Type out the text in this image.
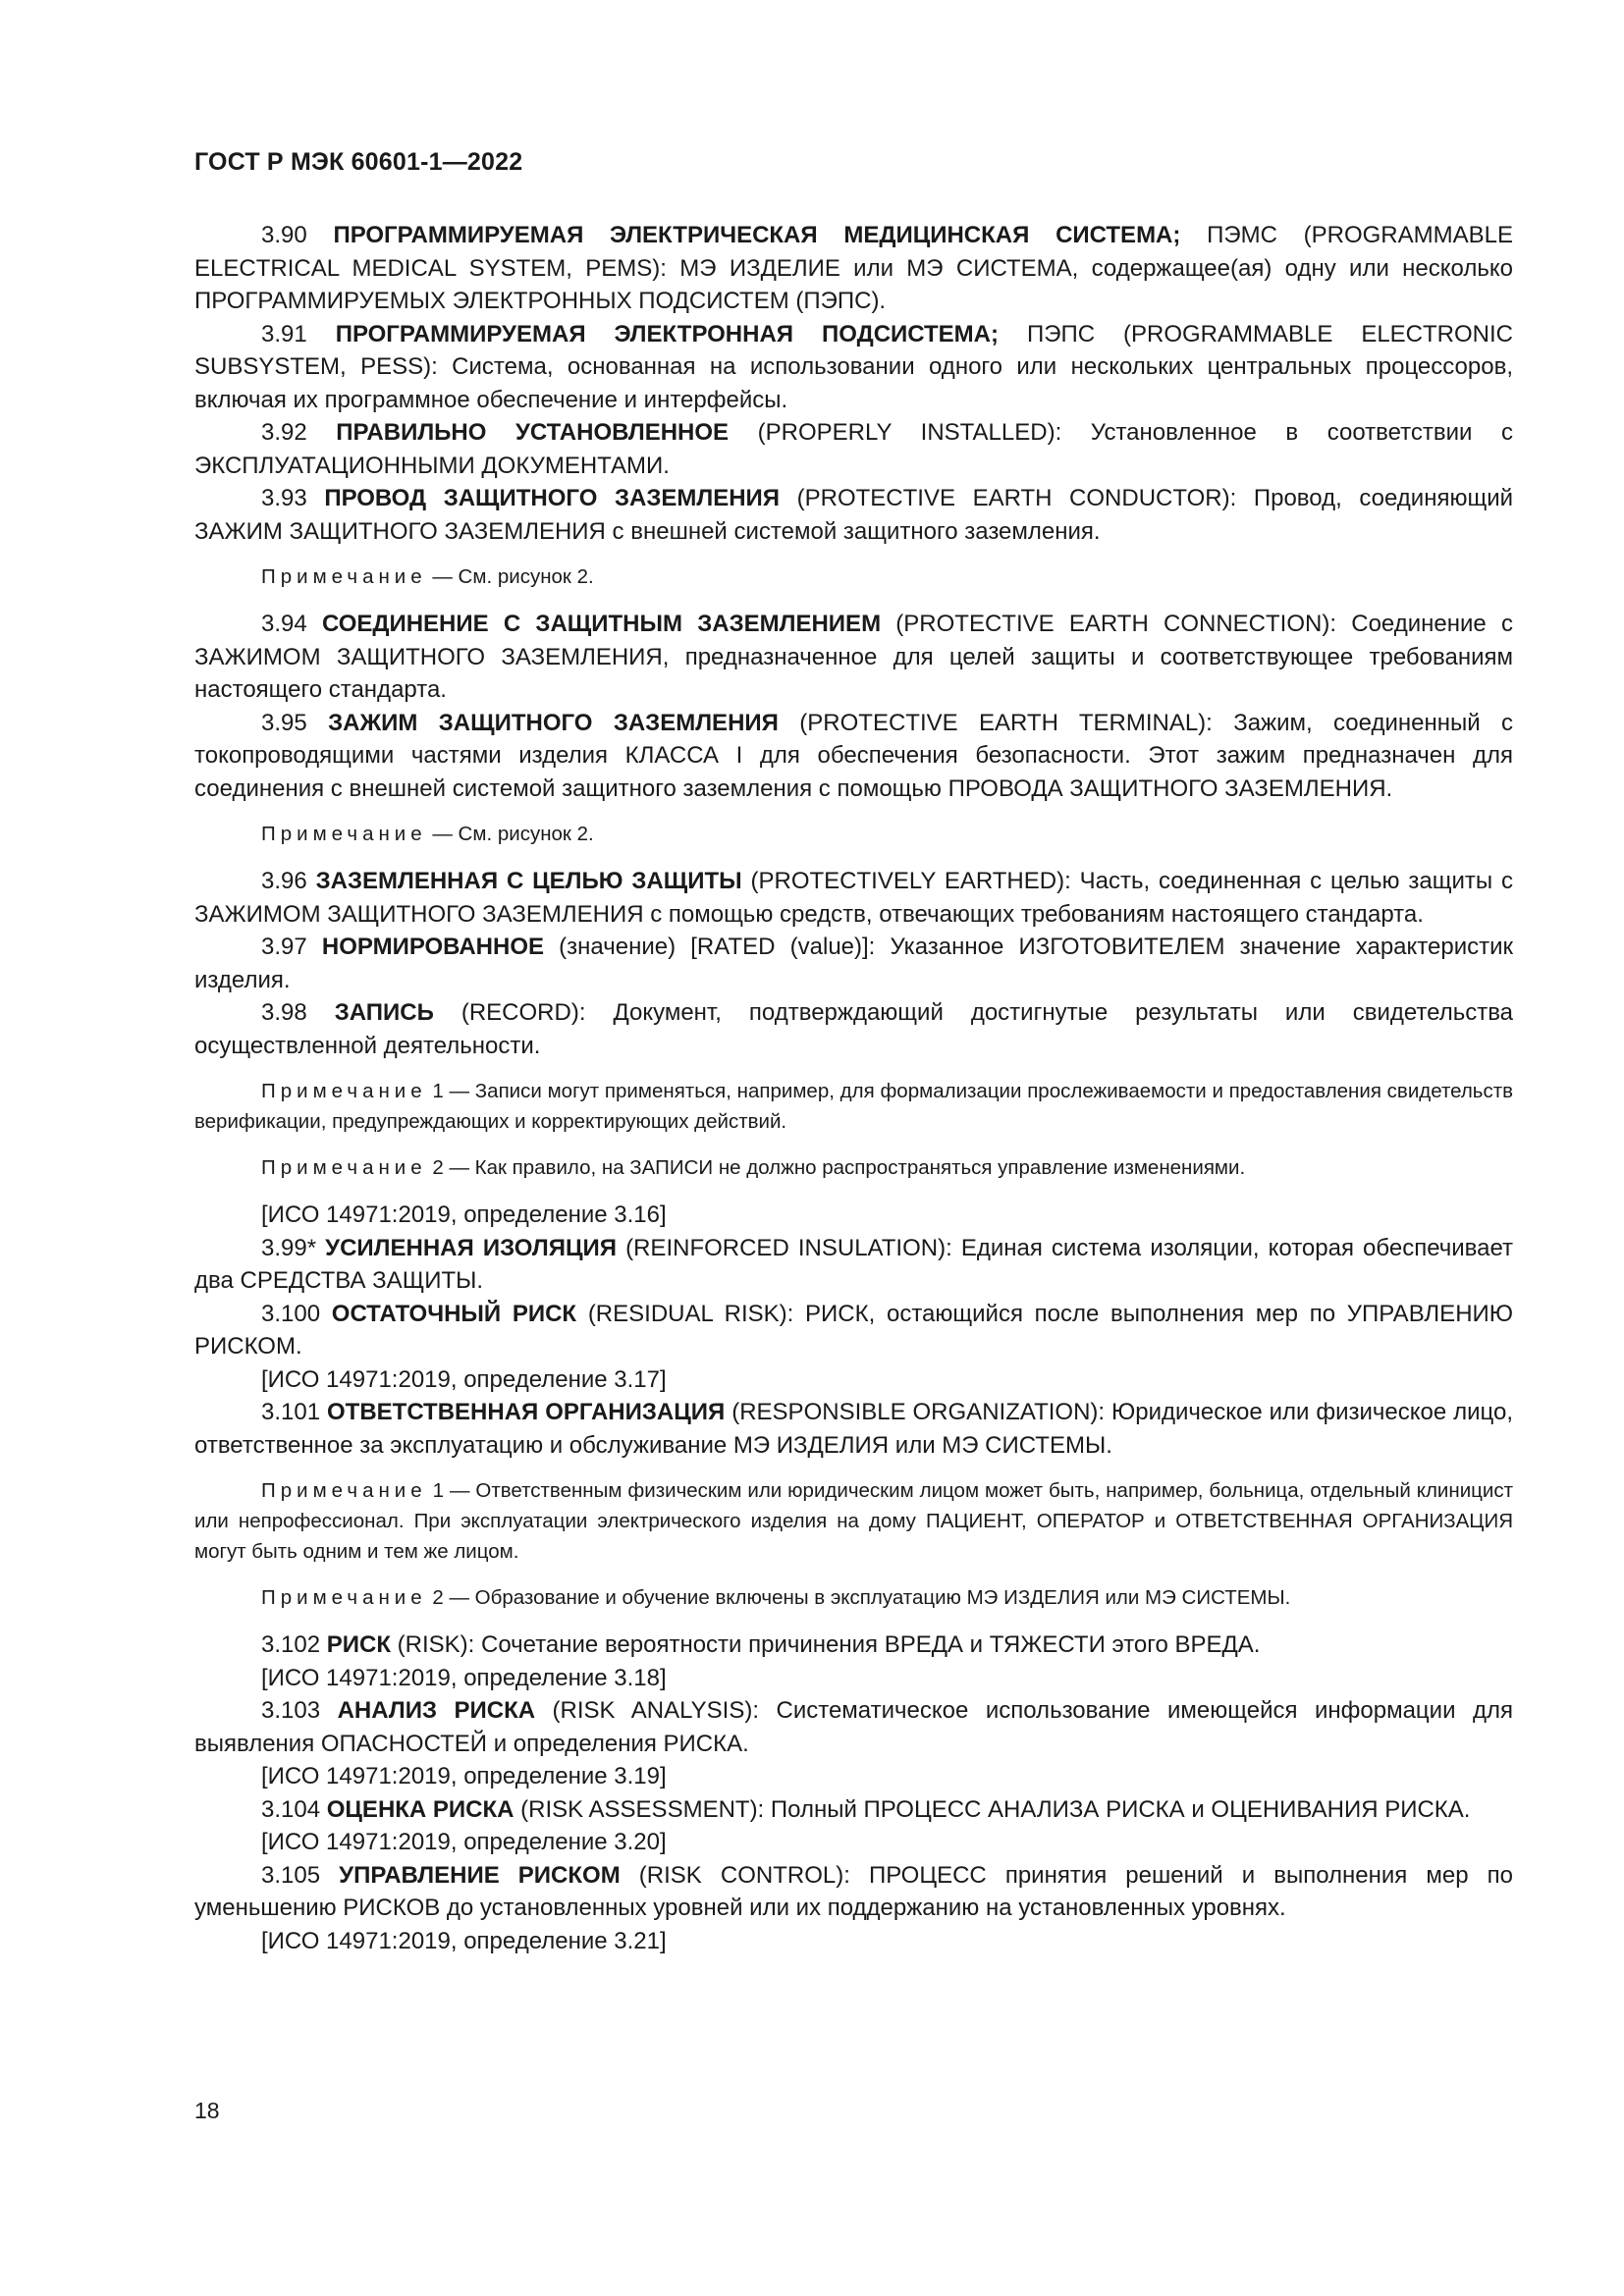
ГОСТ Р МЭК 60601-1—2022

3.90 ПРОГРАММИРУЕМАЯ ЭЛЕКТРИЧЕСКАЯ МЕДИЦИНСКАЯ СИСТЕМА; ПЭМС (PROGRAMMABLE ELECTRICAL MEDICAL SYSTEM, PEMS): МЭ ИЗДЕЛИЕ или МЭ СИСТЕМА, содержащее(ая) одну или несколько ПРОГРАММИРУЕМЫХ ЭЛЕКТРОННЫХ ПОДСИСТЕМ (ПЭПС).

3.91 ПРОГРАММИРУЕМАЯ ЭЛЕКТРОННАЯ ПОДСИСТЕМА; ПЭПС (PROGRAMMABLE ELECTRONIC SUBSYSTEM, PESS): Система, основанная на использовании одного или нескольких центральных процессоров, включая их программное обеспечение и интерфейсы.

3.92 ПРАВИЛЬНО УСТАНОВЛЕННОЕ (PROPERLY INSTALLED): Установленное в соответствии с ЭКСПЛУАТАЦИОННЫМИ ДОКУМЕНТАМИ.

3.93 ПРОВОД ЗАЩИТНОГО ЗАЗЕМЛЕНИЯ (PROTECTIVE EARTH CONDUCTOR): Провод, соединяющий ЗАЖИМ ЗАЩИТНОГО ЗАЗЕМЛЕНИЯ с внешней системой защитного заземления.

Примечание — См. рисунок 2.

3.94 СОЕДИНЕНИЕ С ЗАЩИТНЫМ ЗАЗЕМЛЕНИЕМ (PROTECTIVE EARTH CONNECTION): Соединение с ЗАЖИМОМ ЗАЩИТНОГО ЗАЗЕМЛЕНИЯ, предназначенное для целей защиты и соответствующее требованиям настоящего стандарта.

3.95 ЗАЖИМ ЗАЩИТНОГО ЗАЗЕМЛЕНИЯ (PROTECTIVE EARTH TERMINAL): Зажим, соединенный с токопроводящими частями изделия КЛАССА I для обеспечения безопасности. Этот зажим предназначен для соединения с внешней системой защитного заземления с помощью ПРОВОДА ЗАЩИТНОГО ЗАЗЕМЛЕНИЯ.

Примечание — См. рисунок 2.

3.96 ЗАЗЕМЛЕННАЯ С ЦЕЛЬЮ ЗАЩИТЫ (PROTECTIVELY EARTHED): Часть, соединенная с целью защиты с ЗАЖИМОМ ЗАЩИТНОГО ЗАЗЕМЛЕНИЯ с помощью средств, отвечающих требованиям настоящего стандарта.

3.97 НОРМИРОВАННОЕ (значение) [RATED (value)]: Указанное ИЗГОТОВИТЕЛЕМ значение характеристик изделия.

3.98 ЗАПИСЬ (RECORD): Документ, подтверждающий достигнутые результаты или свидетельства осуществленной деятельности.

Примечание 1 — Записи могут применяться, например, для формализации прослеживаемости и предоставления свидетельств верификации, предупреждающих и корректирующих действий.

Примечание 2 — Как правило, на ЗАПИСИ не должно распространяться управление изменениями.

[ИСО 14971:2019, определение 3.16]

3.99* УСИЛЕННАЯ ИЗОЛЯЦИЯ (REINFORCED INSULATION): Единая система изоляции, которая обеспечивает два СРЕДСТВА ЗАЩИТЫ.

3.100 ОСТАТОЧНЫЙ РИСК (RESIDUAL RISK): РИСК, остающийся после выполнения мер по УПРАВЛЕНИЮ РИСКОМ.

[ИСО 14971:2019, определение 3.17]

3.101 ОТВЕТСТВЕННАЯ ОРГАНИЗАЦИЯ (RESPONSIBLE ORGANIZATION): Юридическое или физическое лицо, ответственное за эксплуатацию и обслуживание МЭ ИЗДЕЛИЯ или МЭ СИСТЕМЫ.

Примечание 1 — Ответственным физическим или юридическим лицом может быть, например, больница, отдельный клиницист или непрофессионал. При эксплуатации электрического изделия на дому ПАЦИЕНТ, ОПЕРАТОР и ОТВЕТСТВЕННАЯ ОРГАНИЗАЦИЯ могут быть одним и тем же лицом.

Примечание 2 — Образование и обучение включены в эксплуатацию МЭ ИЗДЕЛИЯ или МЭ СИСТЕМЫ.

3.102 РИСК (RISK): Сочетание вероятности причинения ВРЕДА и ТЯЖЕСТИ этого ВРЕДА.

[ИСО 14971:2019, определение 3.18]

3.103 АНАЛИЗ РИСКА (RISK ANALYSIS): Систематическое использование имеющейся информации для выявления ОПАСНОСТЕЙ и определения РИСКА.

[ИСО 14971:2019, определение 3.19]

3.104 ОЦЕНКА РИСКА (RISK ASSESSMENT): Полный ПРОЦЕСС АНАЛИЗА РИСКА и ОЦЕНИВАНИЯ РИСКА.

[ИСО 14971:2019, определение 3.20]

3.105 УПРАВЛЕНИЕ РИСКОМ (RISK CONTROL): ПРОЦЕСС принятия решений и выполнения мер по уменьшению РИСКОВ до установленных уровней или их поддержанию на установленных уровнях.

[ИСО 14971:2019, определение 3.21]

18
